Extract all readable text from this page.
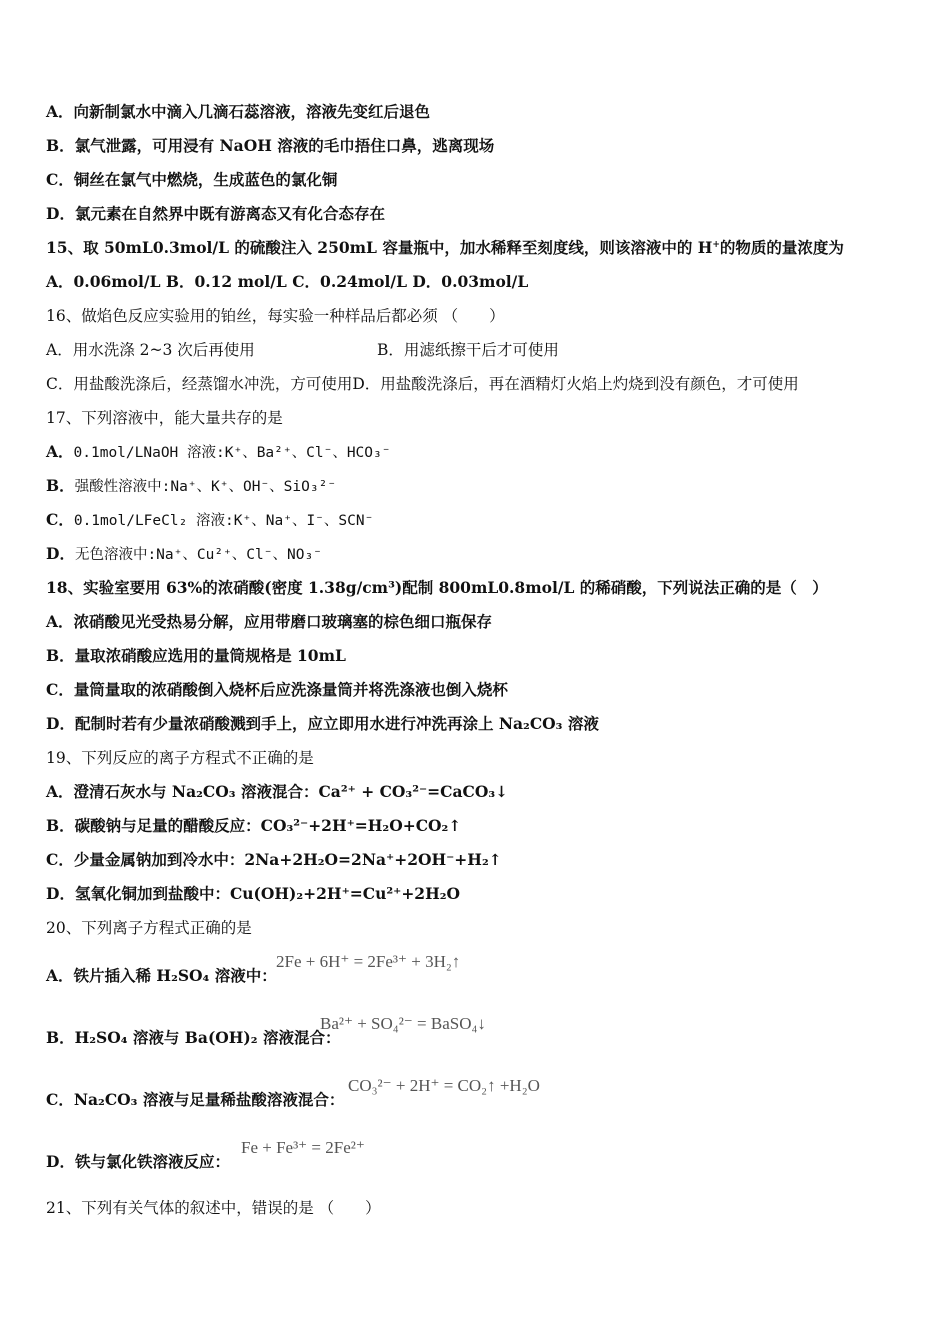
A．向新制氯水中滴入几滴石蕊溶液，溶液先变红后退色
B．氯气泄露，可用浸有 NaOH 溶液的毛巾捂住口鼻，逃离现场
C．铜丝在氯气中燃烧，生成蓝色的氯化铜
D．氯元素在自然界中既有游离态又有化合态存在
15、取 50mL0.3mol/L 的硫酸注入 250mL 容量瓶中，加水稀释至刻度线，则该溶液中的 H+的物质的量浓度为
A．0.06mol/L B．0.12 mol/L C．0.24mol/L D．0.03mol/L
16、做焰色反应实验用的铂丝，每实验一种样品后都必须 （　　）
A．用水洗涤 2~3 次后再使用	B．用滤纸擦干后才可使用
C．用盐酸洗涤后，经蒸馏水冲洗，方可使用D．用盐酸洗涤后，再在酒精灯火焰上灼烧到没有颜色，才可使用
17、下列溶液中，能大量共存的是
A．0.1mol/LNaOH 溶液:K⁺、Ba²⁺、Cl⁻、HCO₃⁻
B．强酸性溶液中:Na⁺、K⁺、OH⁻、SiO₃²⁻
C．0.1mol/LFeCl₂ 溶液:K⁺、Na⁺、I⁻、SCN⁻
D．无色溶液中:Na⁺、Cu²⁺、Cl⁻、NO₃⁻
18、实验室要用 63%的浓硝酸(密度 1.38g/cm³)配制 800mL0.8mol/L 的稀硝酸，下列说法正确的是（　）
A．浓硝酸见光受热易分解，应用带磨口玻璃塞的棕色细口瓶保存
B．量取浓硝酸应选用的量筒规格是 10mL
C．量筒量取的浓硝酸倒入烧杯后应洗涤量筒并将洗涤液也倒入烧杯
D．配制时若有少量浓硝酸溅到手上，应立即用水进行冲洗再涂上 Na₂CO₃ 溶液
19、下列反应的离子方程式不正确的是
A．澄清石灰水与 Na₂CO₃ 溶液混合：Ca²⁺ + CO₃²⁻=CaCO₃↓
B．碳酸钠与足量的醋酸反应：CO₃²⁻+2H⁺=H₂O+CO₂↑
C．少量金属钠加到冷水中：2Na+2H₂O=2Na⁺+2OH⁻+H₂↑
D．氢氧化铜加到盐酸中：Cu(OH)₂+2H⁺=Cu²⁺+2H₂O
20、下列离子方程式正确的是
A．铁片插入稀 H₂SO₄ 溶液中：
2Fe + 6H⁺ = 2Fe³⁺ + 3H₂↑
B．H₂SO₄ 溶液与 Ba(OH)₂ 溶液混合：
Ba²⁺ + SO₄²⁻ = BaSO₄↓
C．Na₂CO₃ 溶液与足量稀盐酸溶液混合：
CO₃²⁻ + 2H⁺ = CO₂↑ +H₂O
D．铁与氯化铁溶液反应：
Fe + Fe³⁺ = 2Fe²⁺
21、下列有关气体的叙述中，错误的是 （　　）
